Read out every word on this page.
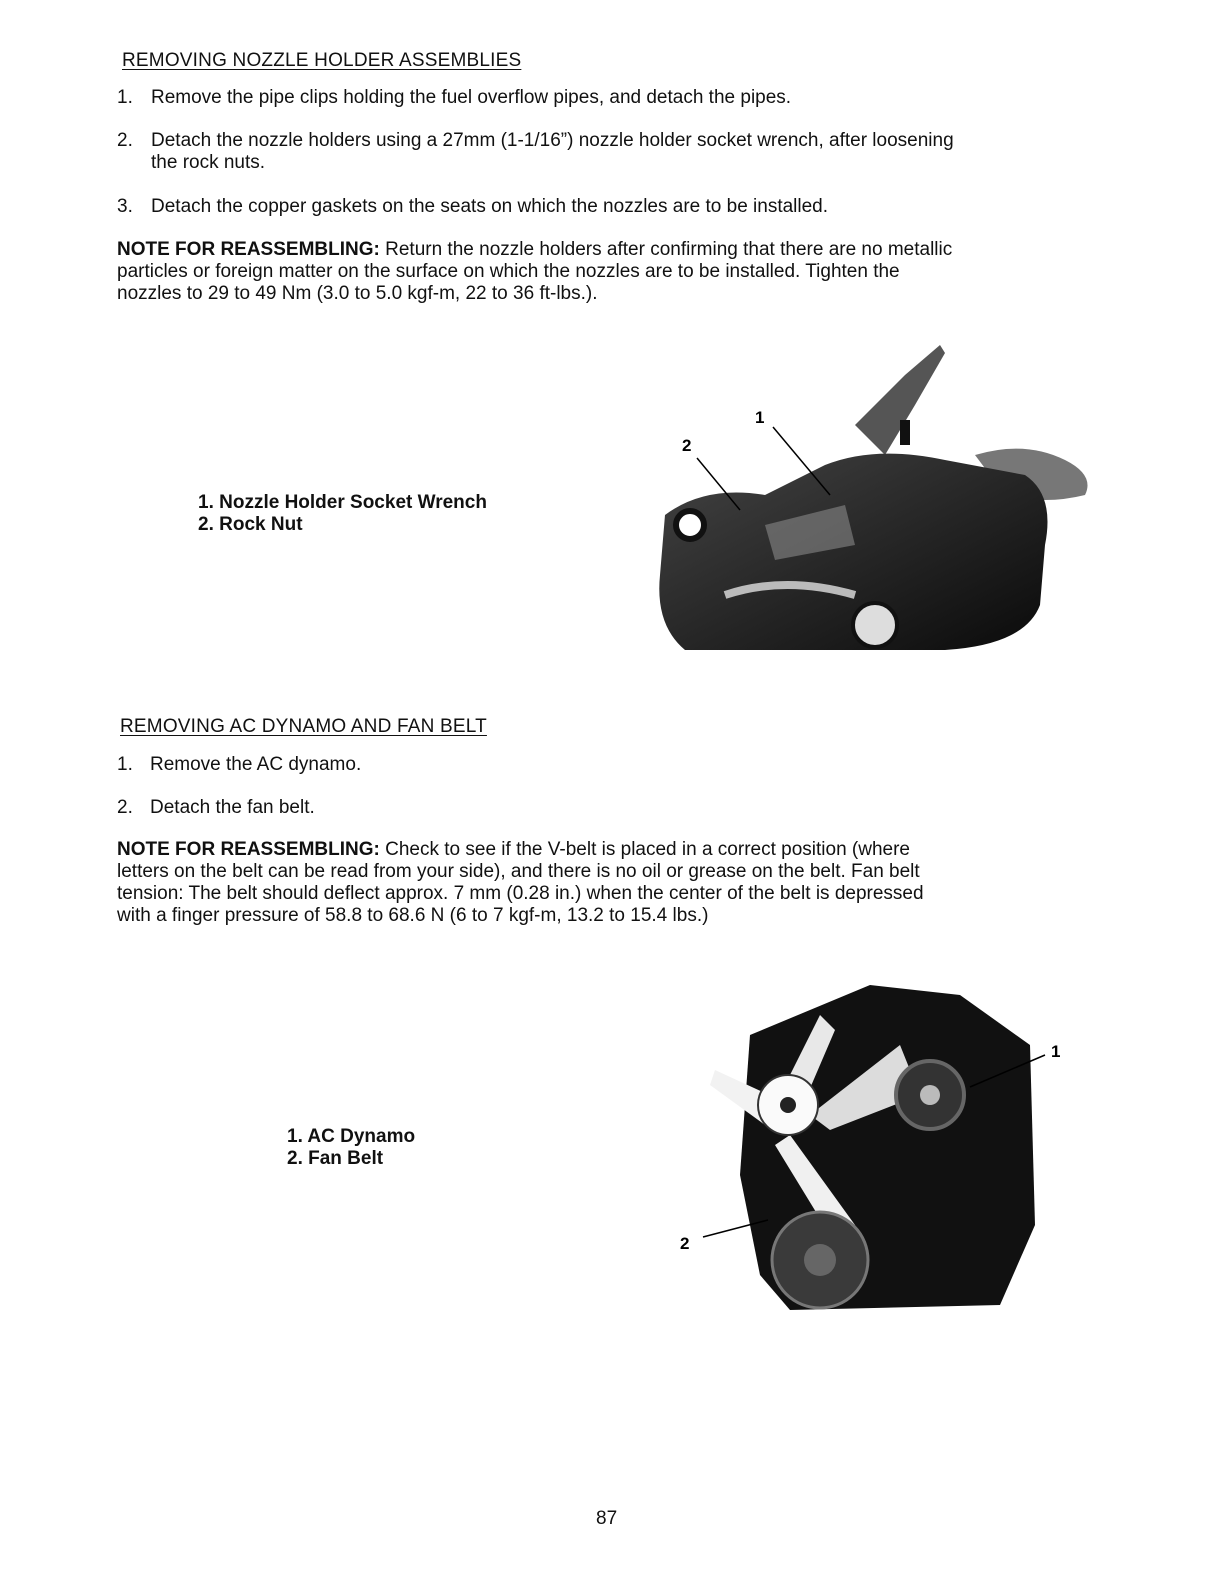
REMOVING NOZZLE HOLDER ASSEMBLIES
1. Remove the pipe clips holding the fuel overflow pipes, and detach the pipes.
2. Detach the nozzle holders using a 27mm (1-1/16”) nozzle holder socket wrench, after loosening
the rock nuts.
3. Detach the copper gaskets on the seats on which the nozzles are to be installed.
NOTE FOR REASSEMBLING: Return the nozzle holders after confirming that there are no metallic
particles or foreign matter on the surface on which the nozzles are to be installed. Tighten the
nozzles to 29 to 49 Nm (3.0 to 5.0 kgf-m, 22 to 36 ft-lbs.).
1. Nozzle Holder Socket Wrench
2. Rock Nut
1
2
REMOVING AC DYNAMO AND FAN BELT
1. Remove the AC dynamo.
2. Detach the fan belt.
NOTE FOR REASSEMBLING: Check to see if the V-belt is placed in a correct position (where
letters on the belt can be read from your side), and there is no oil or grease on the belt. Fan belt
tension: The belt should deflect approx. 7 mm (0.28 in.) when the center of the belt is depressed
with a finger pressure of 58.8 to 68.6 N (6 to 7 kgf-m, 13.2 to 15.4 lbs.)
1. AC Dynamo
2. Fan Belt
1
2
87
